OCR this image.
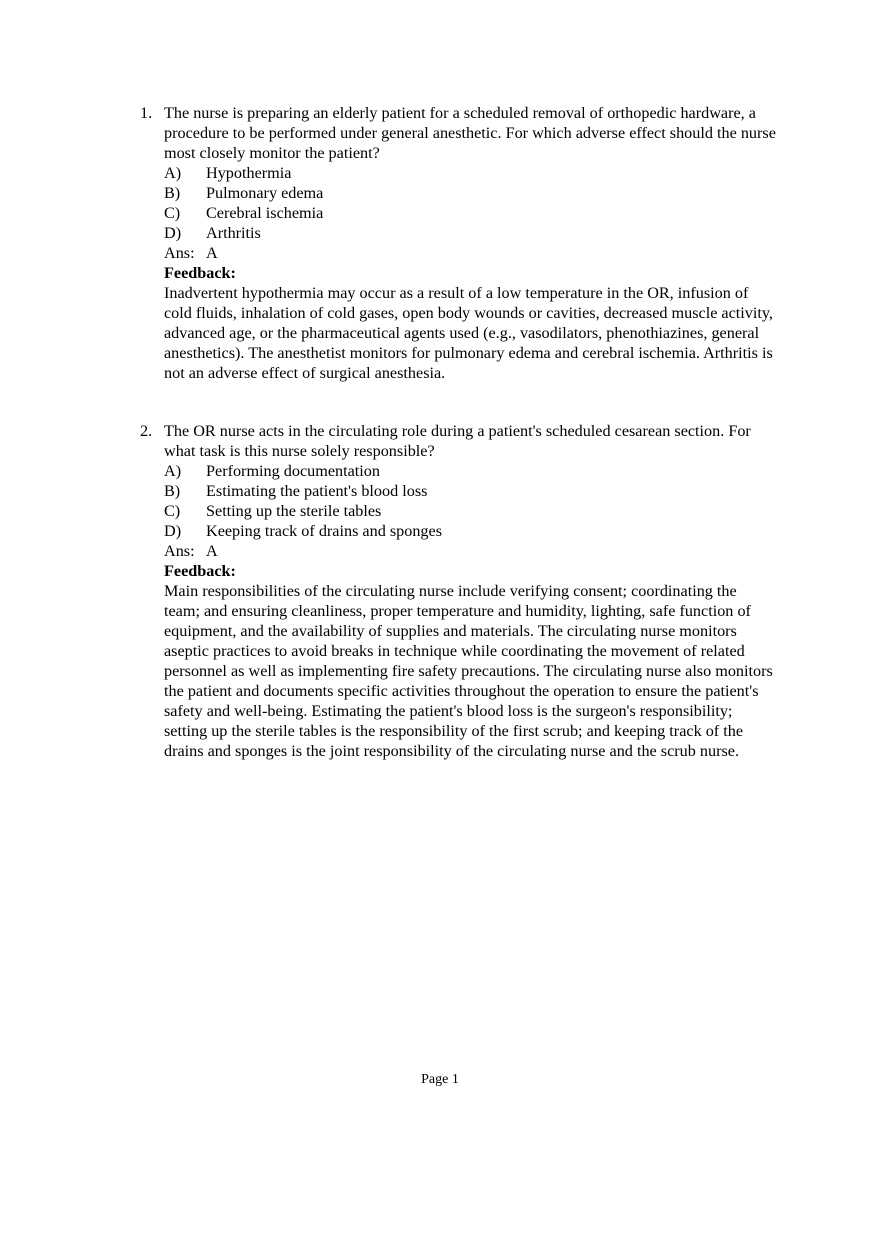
1. The nurse is preparing an elderly patient for a scheduled removal of orthopedic hardware, a procedure to be performed under general anesthetic. For which adverse effect should the nurse most closely monitor the patient?

A)	Hypothermia
B)	Pulmonary edema
C)	Cerebral ischemia
D)	Arthritis
Ans: A
Feedback:

Inadvertent hypothermia may occur as a result of a low temperature in the OR, infusion of cold fluids, inhalation of cold gases, open body wounds or cavities, decreased muscle activity, advanced age, or the pharmaceutical agents used (e.g., vasodilators, phenothiazines, general anesthetics). The anesthetist monitors for pulmonary edema and cerebral ischemia. Arthritis is not an adverse effect of surgical anesthesia.

2. The OR nurse acts in the circulating role during a patient's scheduled cesarean section. For what task is this nurse solely responsible?

A)	Performing documentation
B)	Estimating the patient's blood loss
C)	Setting up the sterile tables
D)	Keeping track of drains and sponges
Ans: A
Feedback:

Main responsibilities of the circulating nurse include verifying consent; coordinating the team; and ensuring cleanliness, proper temperature and humidity, lighting, safe function of equipment, and the availability of supplies and materials. The circulating nurse monitors aseptic practices to avoid breaks in technique while coordinating the movement of related personnel as well as implementing fire safety precautions. The circulating nurse also monitors the patient and documents specific activities throughout the operation to ensure the patient's safety and well-being. Estimating the patient's blood loss is the surgeon's responsibility; setting up the sterile tables is the responsibility of the first scrub; and keeping track of the drains and sponges is the joint responsibility of the circulating nurse and the scrub nurse.

Page 1
